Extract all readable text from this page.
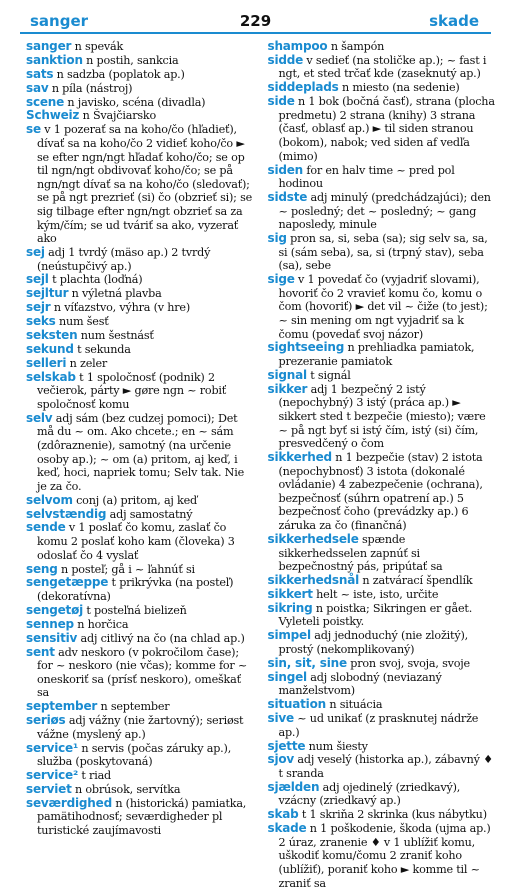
sanger	229	skade

sanger n spevák

sanktion n postih, sankcia

sats n sadzba (poplatok ap.)

sav n píla (nástroj)

scene n javisko, scéna (divadla)

Schweiz n Švajčiarsko

se v 1 pozerať sa na koho/čo (hľadieť), dívať sa na koho/čo 2 vidieť koho/čo ► se efter ngn/ngt hľadať koho/čo; se op til ngn/ngt obdivovať koho/čo; se på ngn/ngt dívať sa na koho/čo (sledovať); se på ngt prezrieť (si) čo (obzrieť si); se sig tilbage efter ngn/ngt obzrieť sa za kým/čím; se ud tváriť sa ako, vyzerať ako

sej adj 1 tvrdý (mäso ap.) 2 tvrdý (neústupčivý ap.)

sejl t plachta (loďná)

sejltur n výletná plavba

sejr n víťazstvo, výhra (v hre)

seks num šesť

seksten num šestnásť

sekund t sekunda

selleri n zeler

selskab t 1 spoločnosť (podnik) 2 večierok, párty ► gøre ngn ~ robiť spoločnosť komu

selv adj sám (bez cudzej pomoci); Det må du ~ om. Ako chcete.; en ~ sám (zdôraznenie), samotný (na určenie osoby ap.); ~ om (a) pritom, aj keď, i keď, hoci, napriek tomu; Selv tak. Nie je za čo.

selvom conj (a) pritom, aj keď

selvstændig adj samostatný

sende v 1 poslať čo komu, zaslať čo komu 2 poslať koho kam (človeka) 3 odoslať čo 4 vyslať

seng n posteľ; gå i ~ ľahnúť si

sengetæppe t prikrývka (na posteľ) (dekoratívna)

sengetøj t posteľná bielizeň

sennep n horčica

sensitiv adj citlivý na čo (na chlad ap.)

sent adv neskoro (v pokročilom čase); for ~ neskoro (nie včas); komme for ~ oneskoriť sa (prísť neskoro), omeškať sa

september n september

seriøs adj vážny (nie žartovný); seriøst vážne (myslený ap.)

service¹ n servis (počas záruky ap.), služba (poskytovaná)

service² t riad

serviet n obrúsok, servítka

seværdighed n (historická) pamiatka, pamätihodnosť; seværdigheder pl turistické zaujímavosti

shampoo n šampón

sidde v sedieť (na stoličke ap.); ~ fast i ngt, et sted trčať kde (zaseknutý ap.)

siddeplads n miesto (na sedenie)

side n 1 bok (bočná časť), strana (plocha predmetu) 2 strana (knihy) 3 strana (časť, oblasť ap.) ► til siden stranou (bokom), nabok; ved siden af vedľa (mimo)

siden for en halv time ~ pred pol hodinou

sidste adj minulý (predchádzajúci); den ~ posledný; det ~ posledný; ~ gang naposledy, minule

sig pron sa, si, seba (sa); sig selv sa, sa, si (sám seba), sa, si (trpný stav), seba (sa), sebe

sige v 1 povedať čo (vyjadriť slovami), hovoriť čo 2 vravieť komu čo, komu o čom (hovoriť) ► det vil ~ čiže (to jest); ~ sin mening om ngt vyjadriť sa k čomu (povedať svoj názor)

sightseeing n prehliadka pamiatok, prezeranie pamiatok

signal t signál

sikker adj 1 bezpečný 2 istý (nepochybný) 3 istý (práca ap.) ► sikkert sted t bezpečie (miesto); være ~ på ngt byť si istý čím, istý (si) čím, presvedčený o čom

sikkerhed n 1 bezpečie (stav) 2 istota (nepochybnosť) 3 istota (dokonalé ovládanie) 4 zabezpečenie (ochrana), bezpečnosť (súhrn opatrení ap.) 5 bezpečnosť čoho (prevádzky ap.) 6 záruka za čo (finančná)

sikkerhedsele spænde sikkerhedsselen zapnúť si bezpečnostný pás, pripútať sa

sikkerhedsnål n zatvárací špendlík

sikkert helt ~ iste, isto, určite

sikring n poistka; Sikringen er gået. Vyleteli poistky.

simpel adj jednoduchý (nie zložitý), prostý (nekomplikovaný)

sin, sit, sine pron svoj, svoja, svoje

singel adj slobodný (neviazaný manželstvom)

situation n situácia

sive ~ ud unikať (z prasknutej nádrže ap.)

sjette num šiesty

sjov adj veselý (historka ap.), zábavný ♦ t sranda

sjælden adj ojedinelý (zriedkavý), vzácny (zriedkavý ap.)

skab t 1 skriňa 2 skrinka (kus nábytku)

skade n 1 poškodenie, škoda (ujma ap.) 2 úraz, zranenie ♦ v 1 ublížiť komu, uškodiť komu/čomu 2 zraniť koho (ublížiť), poraniť koho ► komme til ~ zraniť sa
